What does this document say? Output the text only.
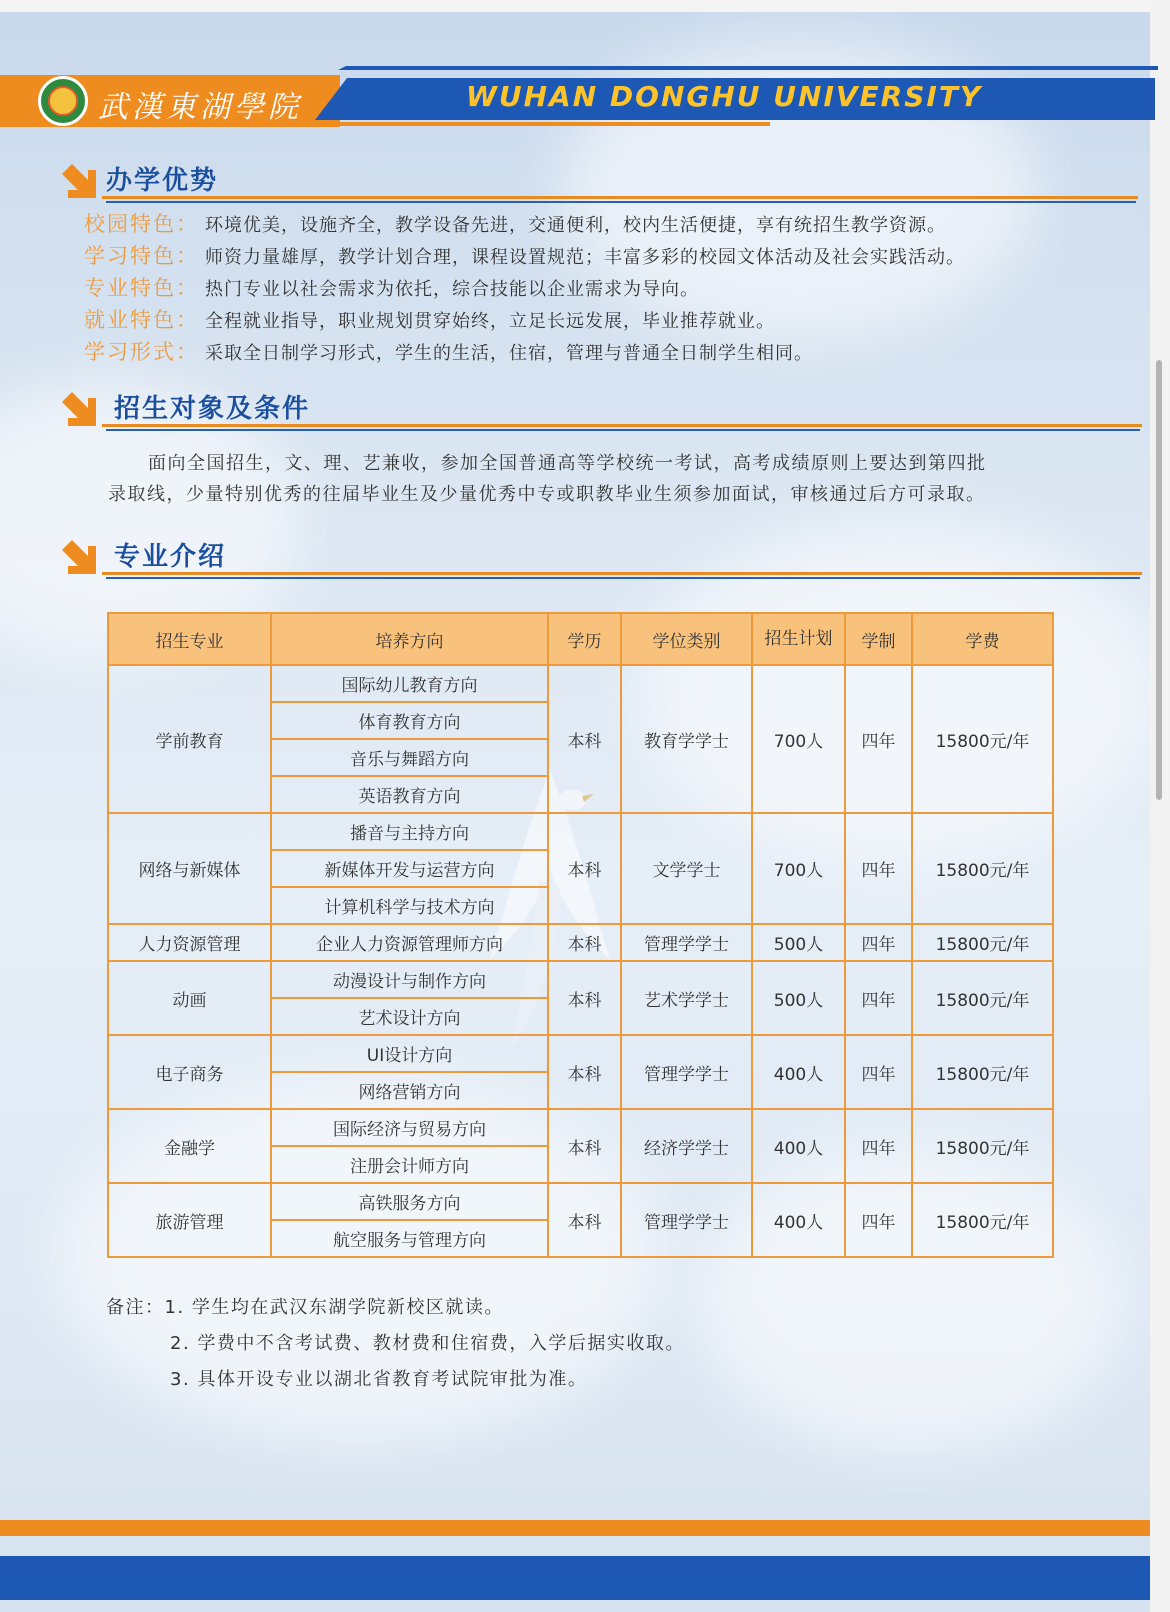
武漢東湖學院	WUHAN DONGHU UNIVERSITY
办学优势
校园特色： 环境优美，设施齐全，教学设备先进，交通便利，校内生活便捷，享有统招生教学资源。
学习特色： 师资力量雄厚，教学计划合理，课程设置规范；丰富多彩的校园文体活动及社会实践活动。
专业特色： 热门专业以社会需求为依托，综合技能以企业需求为导向。
就业特色： 全程就业指导，职业规划贯穿始终，立足长远发展，毕业推荐就业。
学习形式： 采取全日制学习形式，学生的生活，住宿，管理与普通全日制学生相同。
招生对象及条件
面向全国招生，文、理、艺兼收，参加全国普通高等学校统一考试，高考成绩原则上要达到第四批
录取线，少量特别优秀的往届毕业生及少量优秀中专或职教毕业生须参加面试，审核通过后方可录取。
专业介绍
招生专业	培养方向	学历	学位类别	招生计划	学制	学费
学前教育	国际幼儿教育方向	本科	教育学学士	700人	四年	15800元/年
	体育教育方向					
	音乐与舞蹈方向					
	英语教育方向					
网络与新媒体	播音与主持方向	本科	文学学士	700人	四年	15800元/年
	新媒体开发与运营方向					
	计算机科学与技术方向					
人力资源管理	企业人力资源管理师方向	本科	管理学学士	500人	四年	15800元/年
动画	动漫设计与制作方向	本科	艺术学学士	500人	四年	15800元/年
	艺术设计方向					
电子商务	UI设计方向	本科	管理学学士	400人	四年	15800元/年
	网络营销方向					
金融学	国际经济与贸易方向	本科	经济学学士	400人	四年	15800元/年
	注册会计师方向					
旅游管理	高铁服务方向	本科	管理学学士	400人	四年	15800元/年
	航空服务与管理方向					
备注：1. 学生均在武汉东湖学院新校区就读。
2. 学费中不含考试费、教材费和住宿费，入学后据实收取。
3. 具体开设专业以湖北省教育考试院审批为准。
